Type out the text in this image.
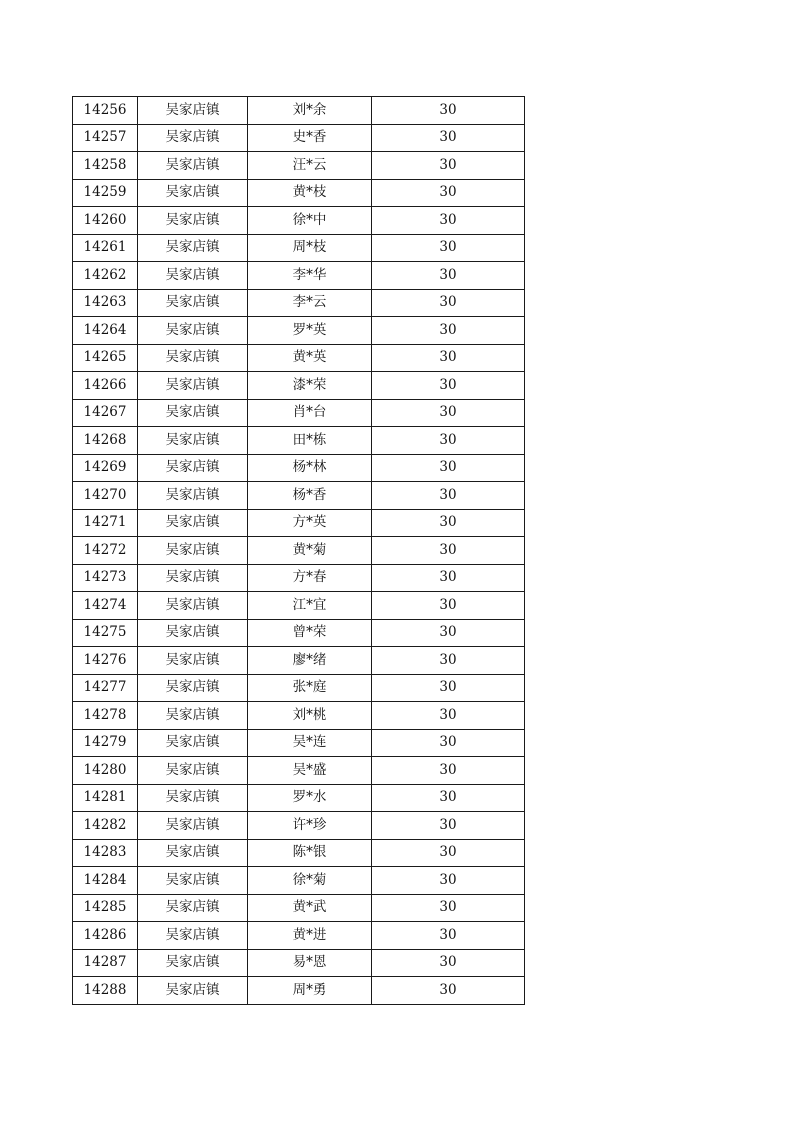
14256	吴家店镇	刘*余	30
14257	吴家店镇	史*香	30
14258	吴家店镇	汪*云	30
14259	吴家店镇	黄*枝	30
14260	吴家店镇	徐*中	30
14261	吴家店镇	周*枝	30
14262	吴家店镇	李*华	30
14263	吴家店镇	李*云	30
14264	吴家店镇	罗*英	30
14265	吴家店镇	黄*英	30
14266	吴家店镇	漆*荣	30
14267	吴家店镇	肖*台	30
14268	吴家店镇	田*栋	30
14269	吴家店镇	杨*林	30
14270	吴家店镇	杨*香	30
14271	吴家店镇	方*英	30
14272	吴家店镇	黄*菊	30
14273	吴家店镇	方*春	30
14274	吴家店镇	江*宜	30
14275	吴家店镇	曾*荣	30
14276	吴家店镇	廖*绪	30
14277	吴家店镇	张*庭	30
14278	吴家店镇	刘*桃	30
14279	吴家店镇	吴*连	30
14280	吴家店镇	吴*盛	30
14281	吴家店镇	罗*水	30
14282	吴家店镇	许*珍	30
14283	吴家店镇	陈*银	30
14284	吴家店镇	徐*菊	30
14285	吴家店镇	黄*武	30
14286	吴家店镇	黄*进	30
14287	吴家店镇	易*恩	30
14288	吴家店镇	周*勇	30
